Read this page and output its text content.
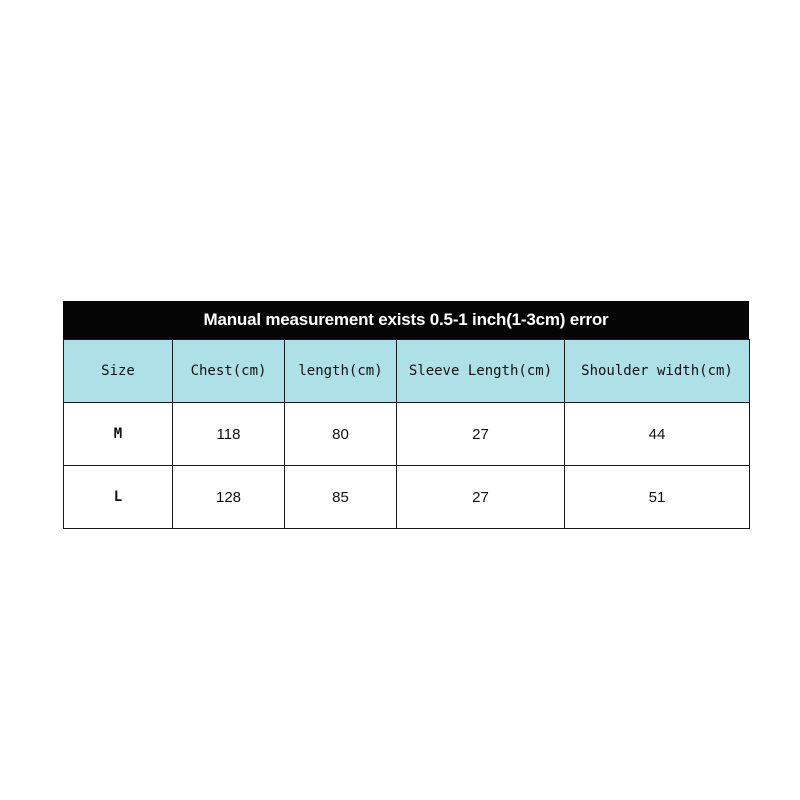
Manual measurement exists 0.5-1 inch(1-3cm) error
Size	Chest(cm)	length(cm)	Sleeve Length(cm)	Shoulder width(cm)
M	118	80	27	44
L	128	85	27	51
